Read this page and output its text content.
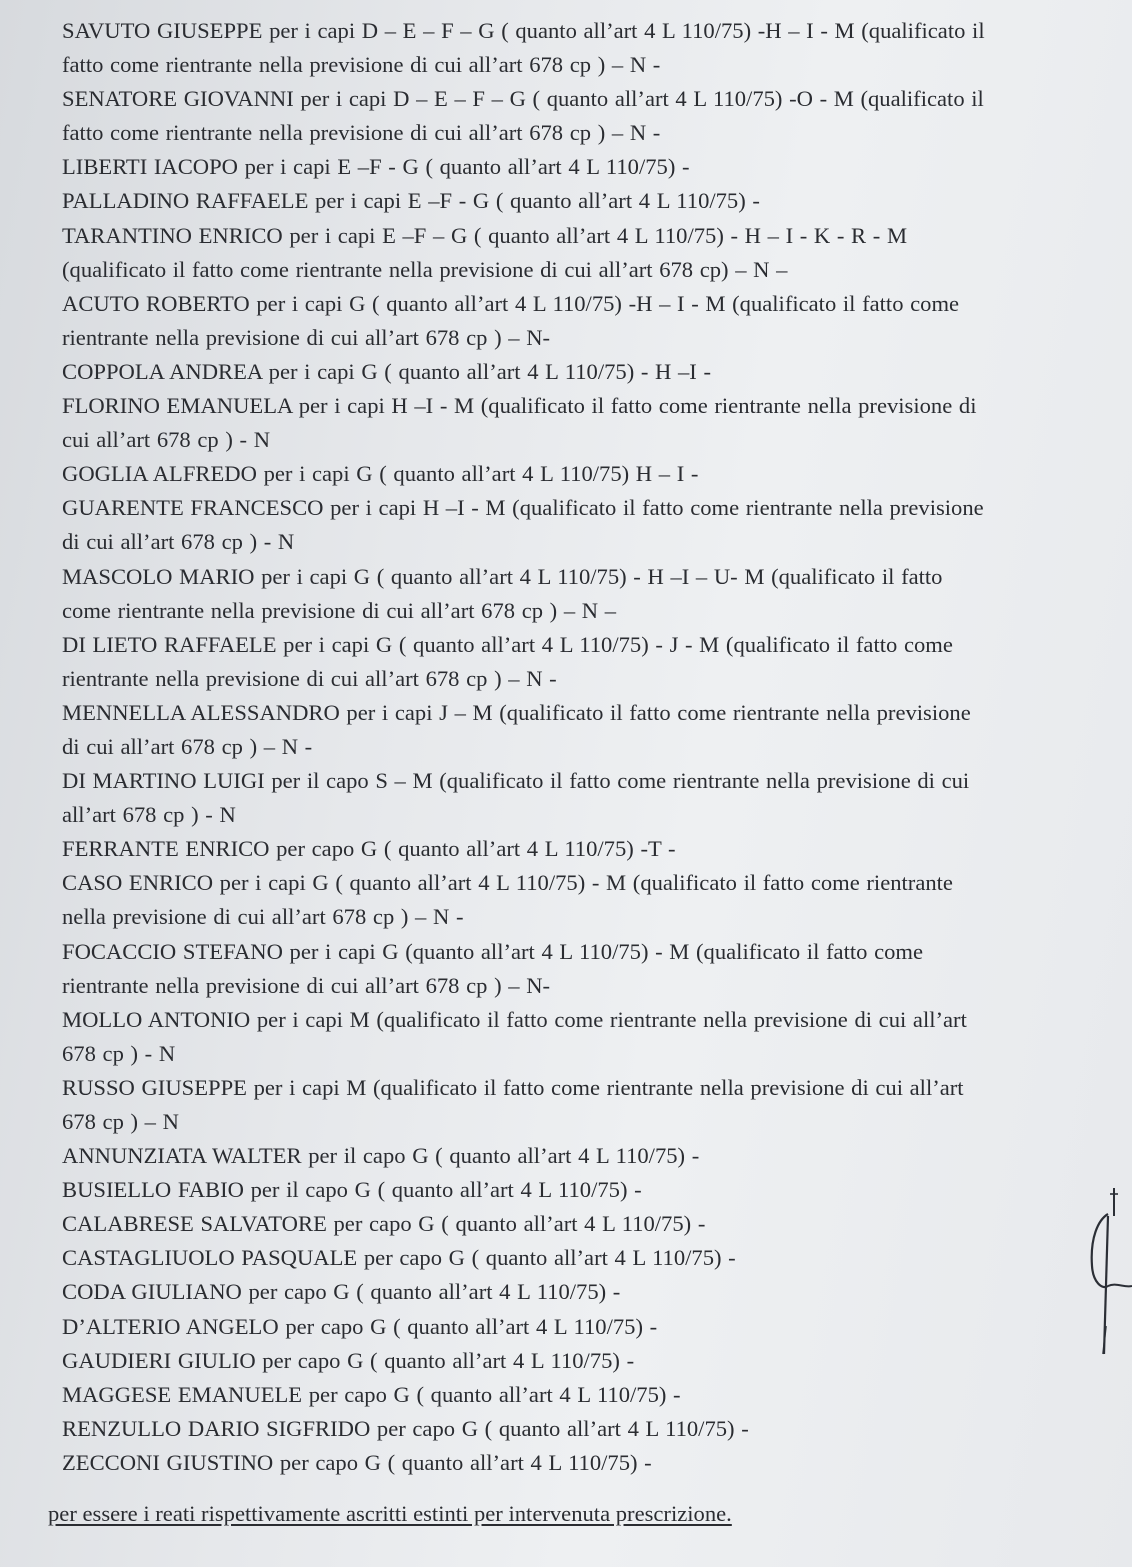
SAVUTO GIUSEPPE per i capi D – E – F – G ( quanto all’art 4 L 110/75) -H – I - M (qualificato il
fatto come rientrante nella previsione di cui all’art 678 cp ) – N -
SENATORE GIOVANNI per i capi D – E – F – G ( quanto all’art 4 L 110/75) -O - M (qualificato il
fatto come rientrante nella previsione di cui all’art 678 cp ) – N -
LIBERTI IACOPO per i capi E –F - G ( quanto all’art 4 L 110/75) -
PALLADINO RAFFAELE per i capi E –F - G ( quanto all’art 4 L 110/75) -
TARANTINO ENRICO per i capi E –F – G ( quanto all’art 4 L 110/75) - H – I - K - R - M
(qualificato il fatto come rientrante nella previsione di cui all’art 678 cp) – N –
ACUTO ROBERTO per i capi G ( quanto all’art 4 L 110/75) -H – I - M (qualificato il fatto come
rientrante nella previsione di cui all’art 678 cp ) – N-
COPPOLA ANDREA per i capi G ( quanto all’art 4 L 110/75) - H –I -
FLORINO EMANUELA per i capi H –I - M (qualificato il fatto come rientrante nella previsione di
cui all’art 678 cp ) - N
GOGLIA ALFREDO per i capi G ( quanto all’art 4 L 110/75) H – I -
GUARENTE FRANCESCO per i capi H –I - M (qualificato il fatto come rientrante nella previsione
di cui all’art 678 cp ) - N
MASCOLO MARIO per i capi G ( quanto all’art 4 L 110/75) - H –I – U- M (qualificato il fatto
come rientrante nella previsione di cui all’art 678 cp ) – N –
DI LIETO RAFFAELE per i capi G ( quanto all’art 4 L 110/75) - J - M (qualificato il fatto come
rientrante nella previsione di cui all’art 678 cp ) – N -
MENNELLA ALESSANDRO per i capi J – M (qualificato il fatto come rientrante nella previsione
di cui all’art 678 cp ) – N -
DI MARTINO LUIGI per il capo S – M (qualificato il fatto come rientrante nella previsione di cui
all’art 678 cp ) - N
FERRANTE ENRICO per capo G ( quanto all’art 4 L 110/75) -T -
CASO ENRICO per i capi G ( quanto all’art 4 L 110/75) - M (qualificato il fatto come rientrante
nella previsione di cui all’art 678 cp ) – N -
FOCACCIO STEFANO per i capi G (quanto all’art 4 L 110/75) - M (qualificato il fatto come
rientrante nella previsione di cui all’art 678 cp ) – N-
MOLLO ANTONIO per i capi M (qualificato il fatto come rientrante nella previsione di cui all’art
678 cp ) - N
RUSSO GIUSEPPE per i capi M (qualificato il fatto come rientrante nella previsione di cui all’art
678 cp ) – N
ANNUNZIATA WALTER per il capo G ( quanto all’art 4 L 110/75) -
BUSIELLO FABIO per il capo G ( quanto all’art 4 L 110/75) -
CALABRESE SALVATORE per capo G ( quanto all’art 4 L 110/75) -
CASTAGLIUOLO PASQUALE per capo G ( quanto all’art 4 L 110/75) -
CODA GIULIANO per capo G ( quanto all’art 4 L 110/75) -
D’ALTERIO ANGELO per capo G ( quanto all’art 4 L 110/75) -
GAUDIERI GIULIO per capo G ( quanto all’art 4 L 110/75) -
MAGGESE EMANUELE per capo G ( quanto all’art 4 L 110/75) -
RENZULLO DARIO SIGFRIDO per capo G ( quanto all’art 4 L 110/75) -
ZECCONI GIUSTINO per capo G ( quanto all’art 4 L 110/75) -
per essere i reati rispettivamente ascritti estinti per intervenuta prescrizione.
